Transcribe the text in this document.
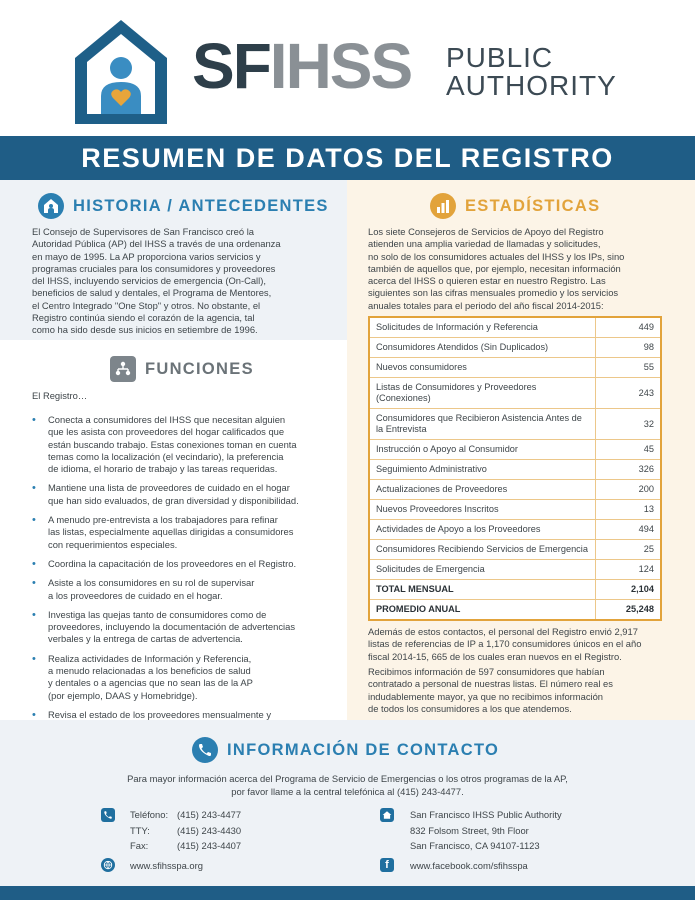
SFIHSS PUBLIC
AUTHORITY
RESUMEN DE DATOS DEL REGISTRO
HISTORIA / ANTECEDENTES
El Consejo de Supervisores de San Francisco creó la
Autoridad Pública (AP) del IHSS a través de una ordenanza
en mayo de 1995. La AP proporciona varios servicios y
programas cruciales para los consumidores y proveedores
del IHSS, incluyendo servicios de emergencia (On-Call),
beneficios de salud y dentales, el Programa de Mentores,
el Centro Integrado "One Stop" y otros. No obstante, el
Registro continúa siendo el corazón de la agencia, tal
como ha sido desde sus inicios en setiembre de 1996.
FUNCIONES
El Registro…
• Conecta a consumidores del IHSS que necesitan alguien
que les asista con proveedores del hogar calificados que
están buscando trabajo. Estas conexiones toman en cuenta
temas como la localización (el vecindario), la preferencia
de idioma, el horario de trabajo y las tareas requeridas.
• Mantiene una lista de proveedores de cuidado en el hogar
que han sido evaluados, de gran diversidad y disponibilidad.
• A menudo pre-entrevista a los trabajadores para refinar
las listas, especialmente aquellas dirigidas a consumidores
con requerimientos especiales.
• Coordina la capacitación de los proveedores en el Registro.
• Asiste a los consumidores en su rol de supervisar
a los proveedores de cuidado en el hogar.
• Investiga las quejas tanto de consumidores como de
proveedores, incluyendo la documentación de advertencias
verbales y la entrega de cartas de advertencia.
• Realiza actividades de Información y Referencia,
a menudo relacionadas a los beneficios de salud
y dentales o a agencias que no sean las de la AP
(por ejemplo, DAAS y Homebridge).
• Revisa el estado de los proveedores mensualmente y
ESTADÍSTICAS
Los siete Consejeros de Servicios de Apoyo del Registro
atienden una amplia variedad de llamadas y solicitudes,
no solo de los consumidores actuales del IHSS y los IPs, sino
también de aquellos que, por ejemplo, necesitan información
acerca del IHSS o quieren estar en nuestro Registro. Las
siguientes son las cifras mensuales promedio y los servicios
anuales totales para el periodo del año fiscal 2014-2015:
Solicitudes de Información y Referencia	449
Consumidores Atendidos (Sin Duplicados)	98
Nuevos consumidores	55
Listas de Consumidores y Proveedores (Conexiones)	243
Consumidores que Recibieron Asistencia Antes de la Entrevista	32
Instrucción o Apoyo al Consumidor	45
Seguimiento Administrativo	326
Actualizaciones de Proveedores	200
Nuevos Proveedores Inscritos	13
Actividades de Apoyo a los Proveedores	494
Consumidores Recibiendo Servicios de Emergencia	25
Solicitudes de Emergencia	124
TOTAL MENSUAL	2,104
PROMEDIO ANUAL	25,248
Además de estos contactos, el personal del Registro envió 2,917
listas de referencias de IP a 1,170 consumidores únicos en el año
fiscal 2014-15, 665 de los cuales eran nuevos en el Registro.
Recibimos información de 597 consumidores que habían
contratado a personal de nuestras listas. El número real es
indudablemente mayor, ya que no recibimos información
de todos los consumidores a los que atendemos.
INFORMACIÓN DE CONTACTO
Para mayor información acerca del Programa de Servicio de Emergencias o los otros programas de la AP,
por favor llame a la central telefónica al (415) 243-4477.
Teléfono: (415) 243-4477
TTY:	(415) 243-4430
Fax:	(415) 243-4407
San Francisco IHSS Public Authority
832 Folsom Street, 9th Floor
San Francisco, CA 94107-1123
www.sfihsspa.org	f www.facebook.com/sfihsspa
